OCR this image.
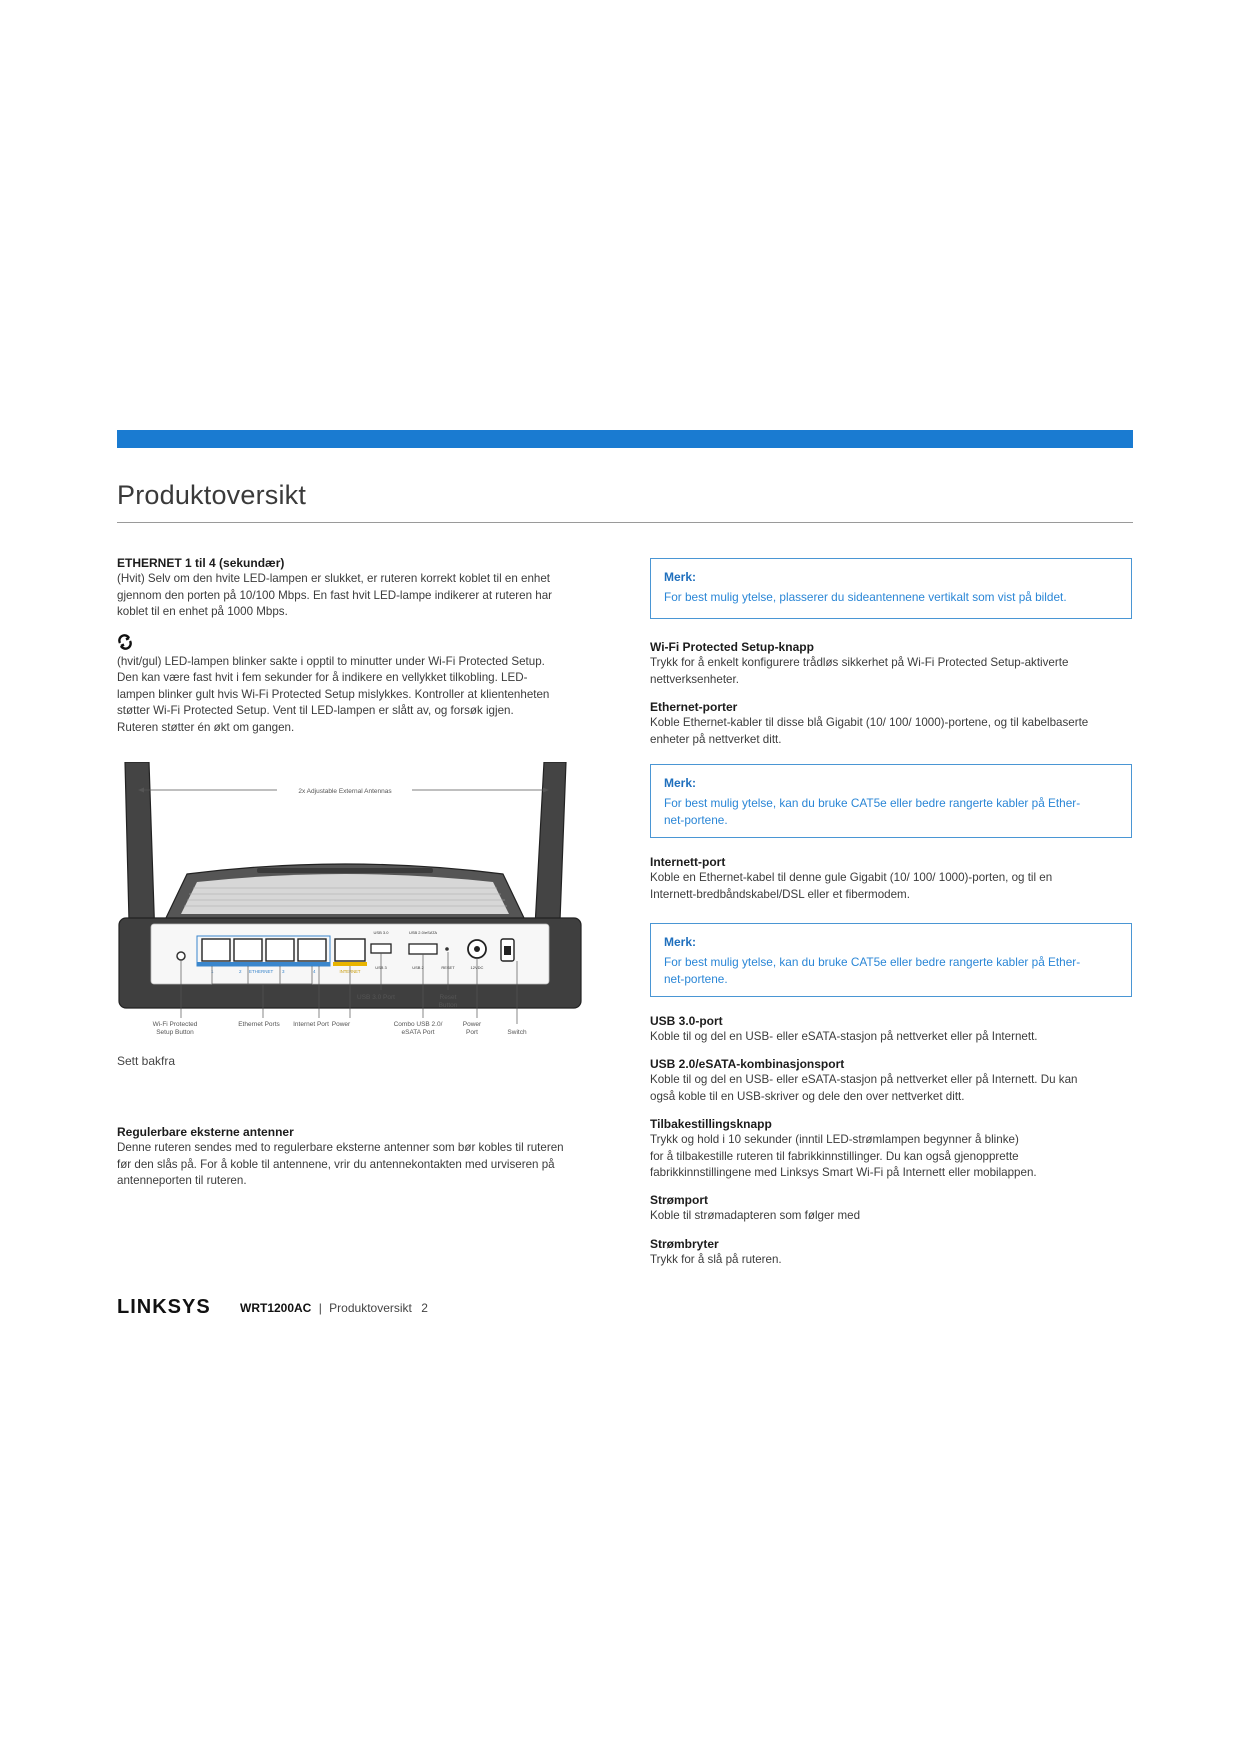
Produktoversikt
ETHERNET 1 til 4 (sekundær)

(Hvit) Selv om den hvite LED-lampen er slukket, er ruteren korrekt koblet til en enhet

gjennom den porten på 10/100 Mbps. En fast hvit LED-lampe indikerer at ruteren har

koblet til en enhet på 1000 Mbps.

(hvit/gul) LED-lampen blinker sakte i opptil to minutter under Wi-Fi Protected Setup.

Den kan være fast hvit i fem sekunder for å indikere en vellykket tilkobling. LED-

lampen blinker gult hvis Wi-Fi Protected Setup mislykkes. Kontroller at klientenheten

støtter Wi-Fi Protected Setup. Vent til LED-lampen er slått av, og forsøk igjen.

Ruteren støtter én økt om gangen.

2x Adjustable External Antennas
1	ETHERNET
2	3	4	INTERNET
USB 3.0
USB 3
USB 2.0/eSATA
USB 2	RESET	12VDC
Wi-Fi Protected
Setup Button
Ethernet Ports Internet Port Power
USB 3.0 Port
Combo USB 2.0/
eSATA Port
Reset
Button
Power
Port	Switch
Sett bakfra
Regulerbare eksterne antenner

Denne ruteren sendes med to regulerbare eksterne antenner som bør kobles til ruteren

før den slås på. For å koble til antennene, vrir du antennekontakten med urviseren på

antenneporten til ruteren.

Merk:
For best mulig ytelse, plasserer du sideantennene vertikalt som vist på bildet.
Wi-Fi Protected Setup-knapp

Trykk for å enkelt konfigurere trådløs sikkerhet på Wi-Fi Protected Setup-aktiverte

nettverksenheter.

Ethernet-porter

Koble Ethernet-kabler til disse blå Gigabit (10/ 100/ 1000)-portene, og til kabelbaserte

enheter på nettverket ditt.

Merk:
For best mulig ytelse, kan du bruke CAT5e eller bedre rangerte kabler på Ether-
net-portene.
Internett-port

Koble en Ethernet-kabel til denne gule Gigabit (10/ 100/ 1000)-porten, og til en

Internett-bredbåndskabel/DSL eller et fibermodem.

Merk:
For best mulig ytelse, kan du bruke CAT5e eller bedre rangerte kabler på Ether-
net-portene.
USB 3.0-port

Koble til og del en USB- eller eSATA-stasjon på nettverket eller på Internett.

USB 2.0/eSATA-kombinasjonsport

Koble til og del en USB- eller eSATA-stasjon på nettverket eller på Internett. Du kan

også koble til en USB-skriver og dele den over nettverket ditt.

Tilbakestillingsknapp

Trykk og hold i 10 sekunder (inntil LED-strømlampen begynner å blinke)

for å tilbakestille ruteren til fabrikkinnstillinger. Du kan også gjenopprette

fabrikkinnstillingene med Linksys Smart Wi-Fi på Internett eller mobilappen.

Strømport

Koble til strømadapteren som følger med

Strømbryter

Trykk for å slå på ruteren.

LINKSYS WRT1200AC | Produktoversikt 2
